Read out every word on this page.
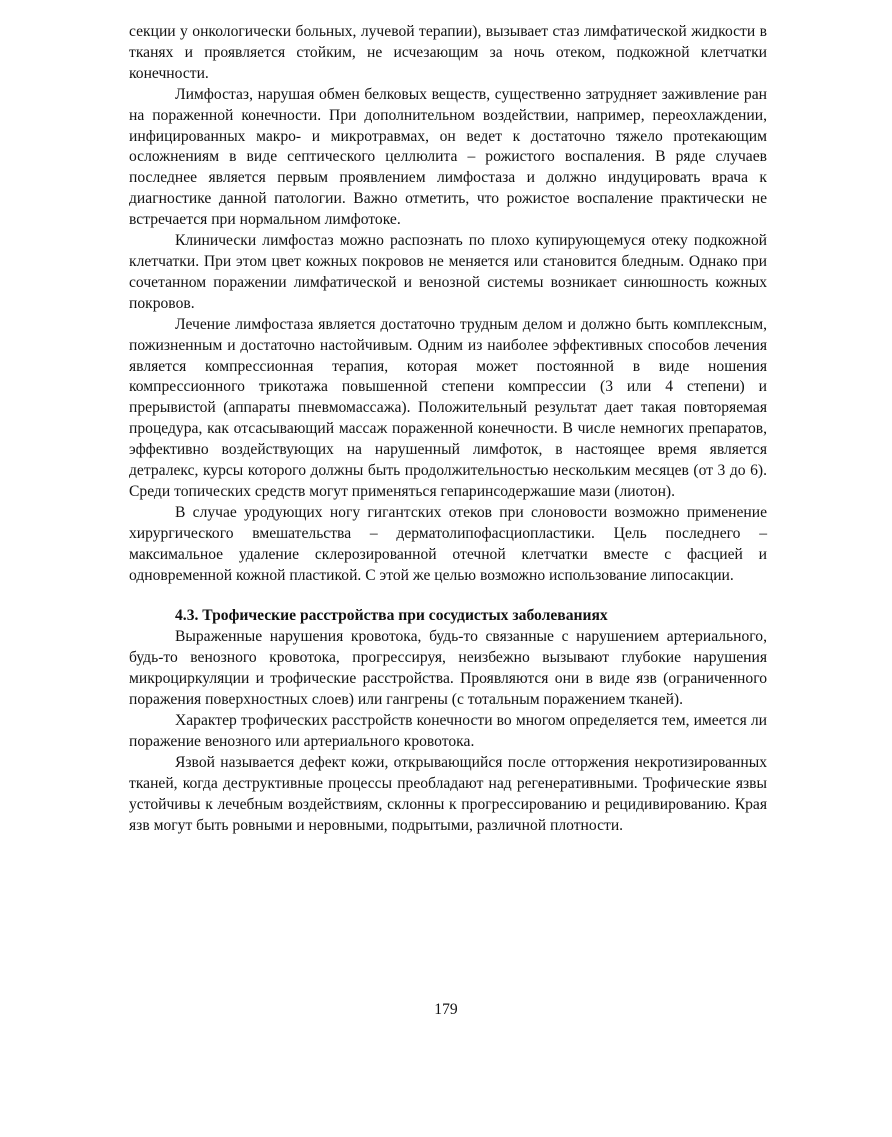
секции у онкологически больных, лучевой терапии), вызывает стаз лимфатической жидкости в тканях и проявляется стойким, не исчезающим за ночь отеком, подкожной клетчатки конечности.

Лимфостаз, нарушая обмен белковых веществ, существенно затрудняет заживление ран на пораженной конечности. При дополнительном воздействии, например, переохлаждении, инфицированных макро- и микротравмах, он ведет к достаточно тяжело протекающим осложнениям в виде септического целлюлита – рожистого воспаления. В ряде случаев последнее является первым проявлением лимфостаза и должно индуцировать врача к диагностике данной патологии. Важно отметить, что рожистое воспаление практически не встречается при нормальном лимфотоке.

Клинически лимфостаз можно распознать по плохо купирующемуся отеку подкожной клетчатки. При этом цвет кожных покровов не меняется или становится бледным. Однако при сочетанном поражении лимфатической и венозной системы возникает синюшность кожных покровов.

Лечение лимфостаза является достаточно трудным делом и должно быть комплексным, пожизненным и достаточно настойчивым. Одним из наиболее эффективных способов лечения является компрессионная терапия, которая может постоянной в виде ношения компрессионного трикотажа повышенной степени компрессии (3 или 4 степени) и прерывистой (аппараты пневмомассажа). Положительный результат дает такая повторяемая процедура, как отсасывающий массаж пораженной конечности. В числе немногих препаратов, эффективно воздействующих на нарушенный лимфоток, в настоящее время является детралекс, курсы которого должны быть продолжительностью нескольким месяцев (от 3 до 6). Среди топических средств могут применяться гепаринсодержашие мази (лиотон).

В случае уродующих ногу гигантских отеков при слоновости возможно применение хирургического вмешательства – дерматолипофасциопластики. Цель последнего – максимальное удаление склерозированной отечной клетчатки вместе с фасцией и одновременной кожной пластикой. С этой же целью возможно использование липосакции.

4.3. Трофические расстройства при сосудистых заболеваниях

Выраженные нарушения кровотока, будь-то связанные с нарушением артериального, будь-то венозного кровотока, прогрессируя, неизбежно вызывают глубокие нарушения микроциркуляции и трофические расстройства. Проявляются они в виде язв (ограниченного поражения поверхностных слоев) или гангрены (с тотальным поражением тканей).

Характер трофических расстройств конечности во многом определяется тем, имеется ли поражение венозного или артериального кровотока.

Язвой называется дефект кожи, открывающийся после отторжения некротизированных тканей, когда деструктивные процессы преобладают над регенеративными. Трофические язвы устойчивы к лечебным воздействиям, склонны к прогрессированию и рецидивированию. Края язв могут быть ровными и неровными, подрытыми, различной плотности.

179
